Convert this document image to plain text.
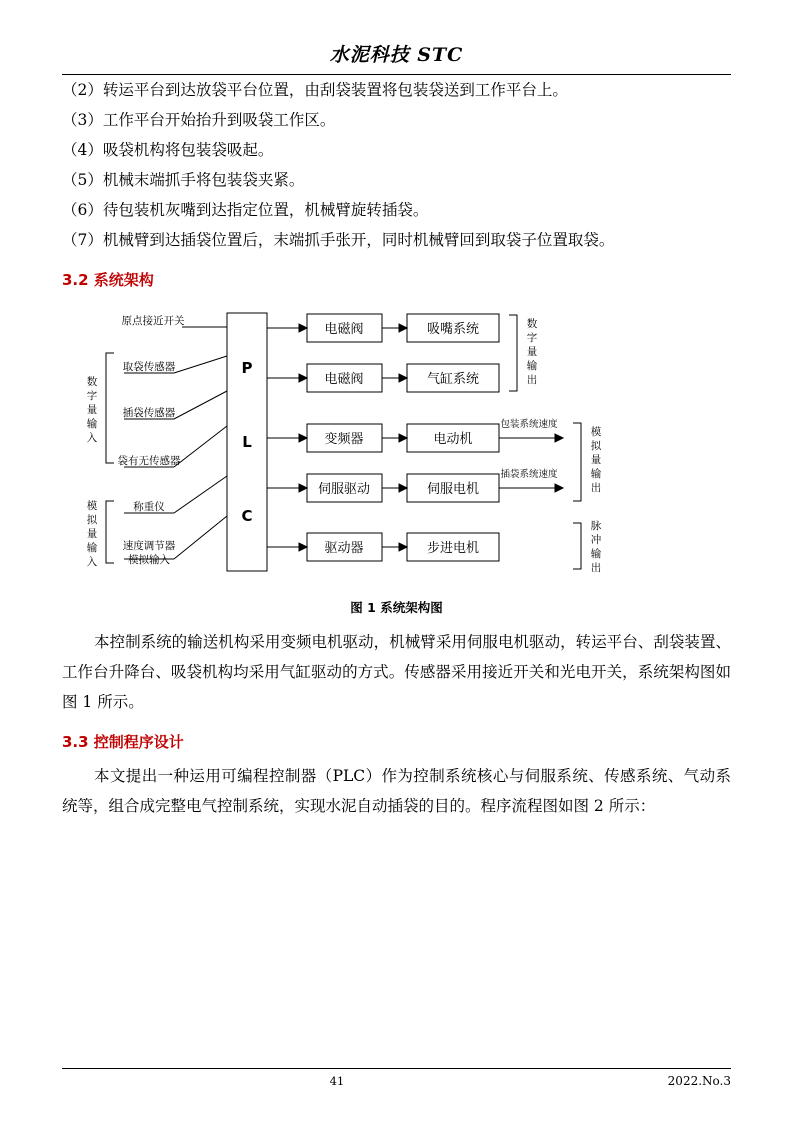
水泥科技 STC

（2）转运平台到达放袋平台位置，由刮袋装置将包装袋送到工作平台上。

（3）工作平台开始抬升到吸袋工作区。

（4）吸袋机构将包装袋吸起。

（5）机械末端抓手将包装袋夹紧。

（6）待包装机灰嘴到达指定位置，机械臂旋转插袋。

（7）机械臂到达插袋位置后，末端抓手张开，同时机械臂回到取袋子位置取袋。

3.2 系统架构
原点接近开关
取袋传感器
插袋传感器
袋有无传感器
称重仪
速度调节器
模拟输入
数
字
量
输
入
模
拟
量
输
入
P
L
C
电磁阀	吸嘴系统
电磁阀	气缸系统
变频器	电动机
伺服驱动	伺服电机
驱动器	步进电机
包装系统速度
插袋系统速度
数
字
量
输
出
模
拟
量
输
出
脉
冲
输
出
图 1 系统架构图

本控制系统的输送机构采用变频电机驱动，机械臂采用伺服电机驱动，转运平台、刮袋装置、工作台升降台、吸袋机构均采用气缸驱动的方式。传感器采用接近开关和光电开关，系统架构图如图 1 所示。

3.3 控制程序设计

本文提出一种运用可编程控制器（PLC）作为控制系统核心与伺服系统、传感系统、气动系统等，组合成完整电气控制系统，实现水泥自动插袋的目的。程序流程图如图 2 所示：

41	2022.No.3
